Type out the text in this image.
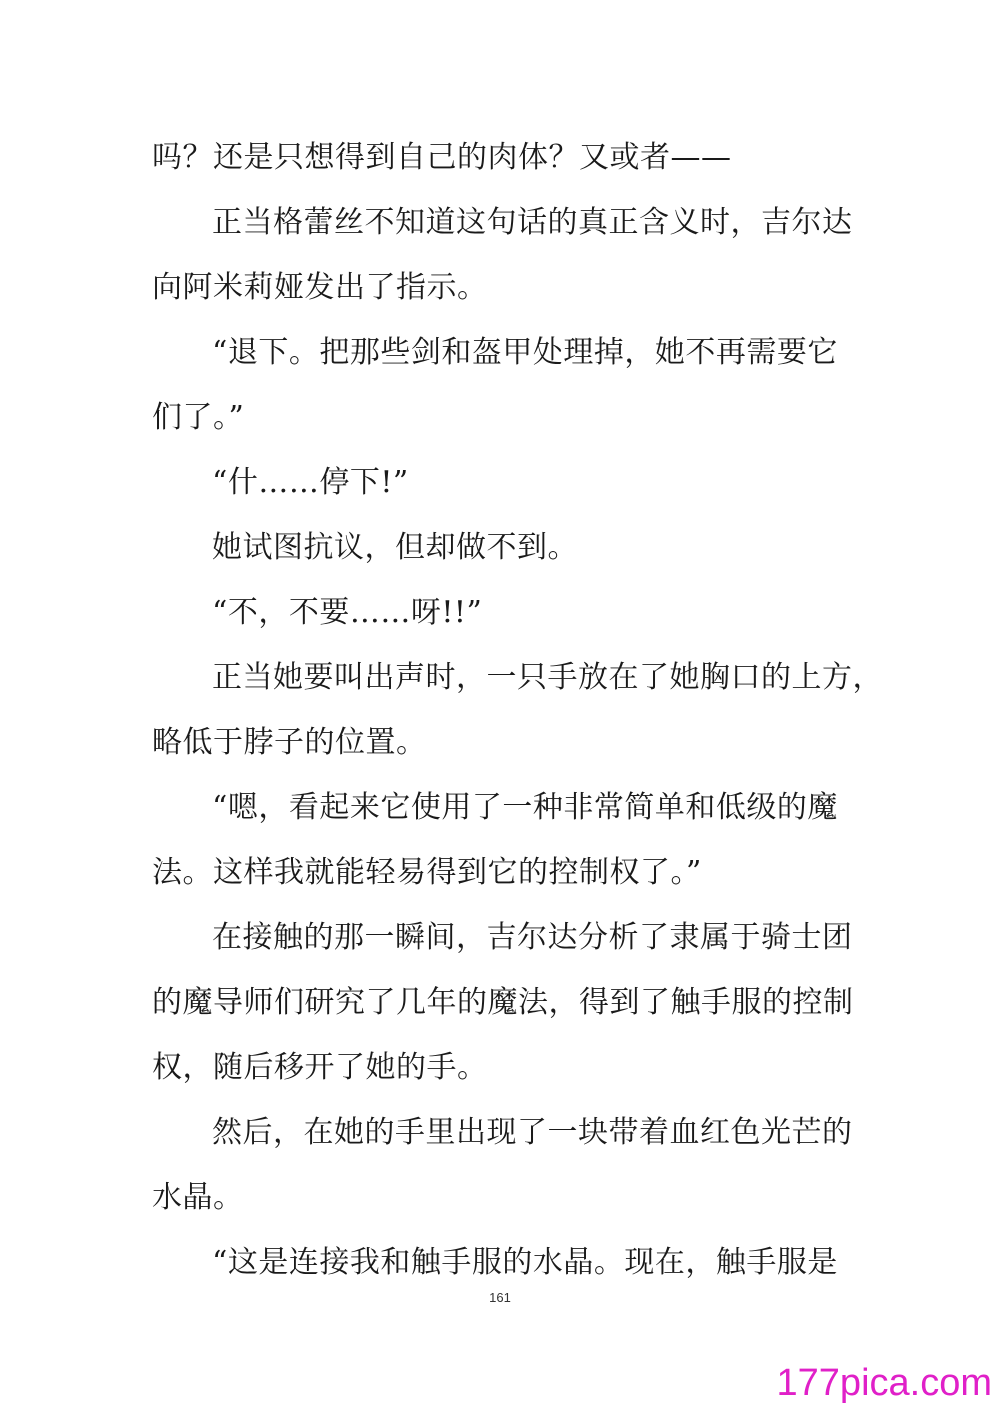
吗？还是只想得到自己的肉体？又或者——
正当格蕾丝不知道这句话的真正含义时，吉尔达
向阿米莉娅发出了指示。
“退下。把那些剑和盔甲处理掉，她不再需要它
们了。”
“什……停下!”
她试图抗议，但却做不到。
“不，不要……呀!!”
正当她要叫出声时，一只手放在了她胸口的上方，
略低于脖子的位置。
“嗯，看起来它使用了一种非常简单和低级的魔
法。这样我就能轻易得到它的控制权了。”
在接触的那一瞬间，吉尔达分析了隶属于骑士团
的魔导师们研究了几年的魔法，得到了触手服的控制
权，随后移开了她的手。
然后，在她的手里出现了一块带着血红色光芒的
水晶。
“这是连接我和触手服的水晶。现在，触手服是
161
177pica.com
